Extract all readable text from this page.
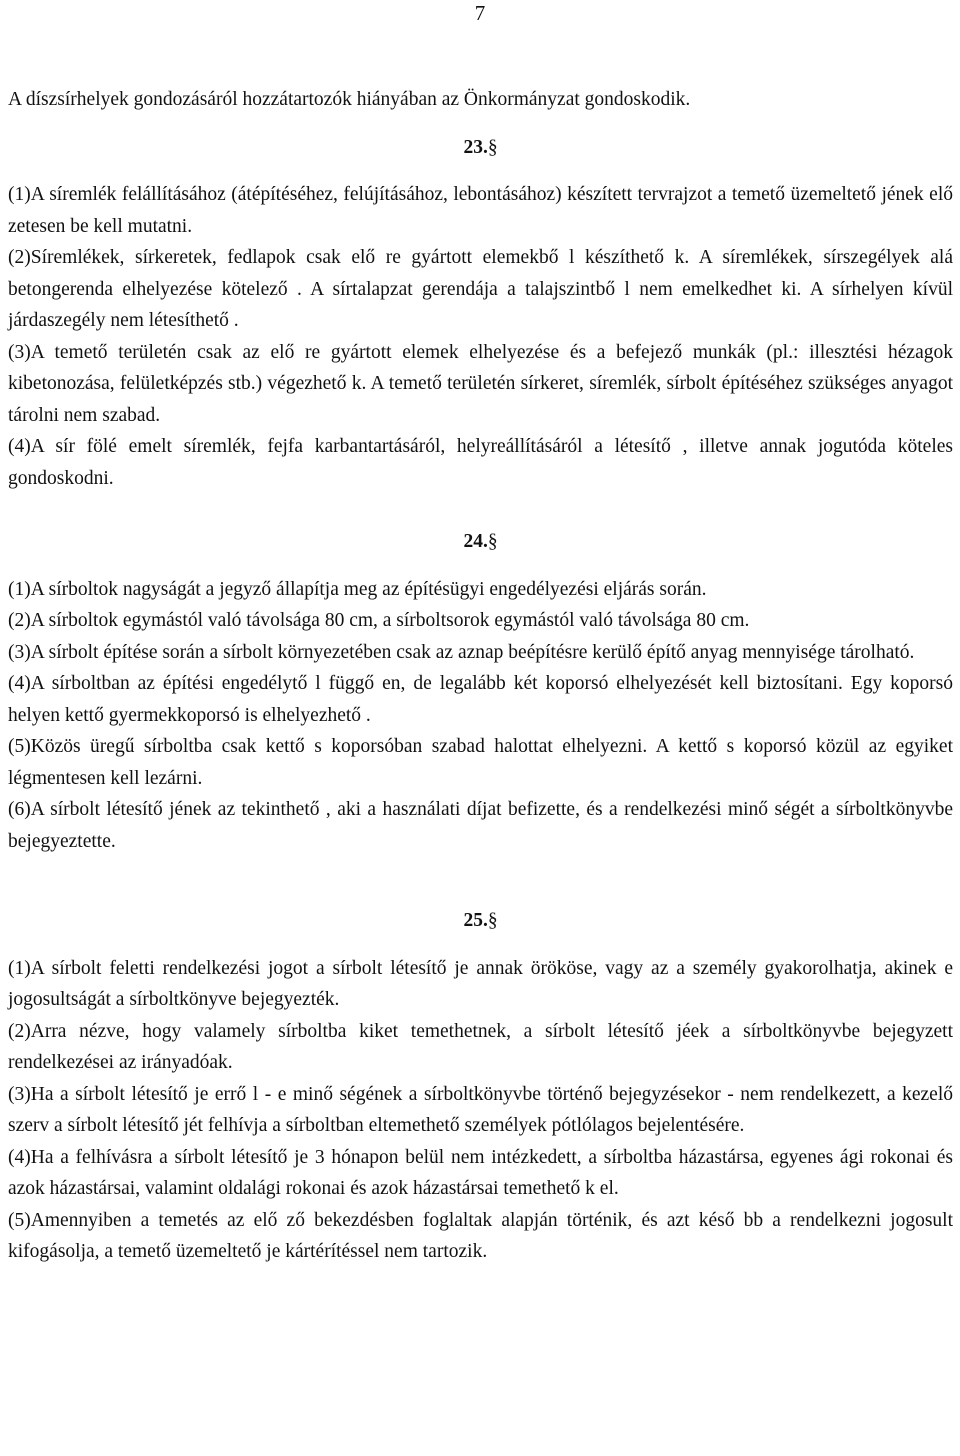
7

A díszsírhelyek gondozásáról hozzátartozók hiányában az Önkormányzat gondoskodik.

23.§

(1)A síremlék felállításához (átépítéséhez, felújításához, lebontásához) készített tervrajzot a temető üzemeltető jének elő zetesen be kell mutatni.

(2)Síremlékek, sírkeretek, fedlapok csak elő re gyártott elemekbő l készíthető k. A síremlékek, sírszegélyek alá betongerenda elhelyezése kötelező . A sírtalapzat gerendája a talajszintbő l nem emelkedhet ki. A sírhelyen kívül járdaszegély nem létesíthető .

(3)A temető területén csak az elő re gyártott elemek elhelyezése és a befejező munkák (pl.: illesztési hézagok kibetonozása, felületképzés stb.) végezhető k. A temető területén sírkeret, síremlék, sírbolt építéséhez szükséges anyagot tárolni nem szabad.

(4)A sír fölé emelt síremlék, fejfa karbantartásáról, helyreállításáról a létesítő , illetve annak jogutóda köteles gondoskodni.

24.§

(1)A sírboltok nagyságát a jegyző állapítja meg az építésügyi engedélyezési eljárás során.

(2)A sírboltok egymástól való távolsága 80 cm, a sírboltsorok egymástól való távolsága 80 cm.

(3)A sírbolt építése során a sírbolt környezetében csak az aznap beépítésre kerülő építő anyag mennyisége tárolható.

(4)A sírboltban az építési engedélytő l függő en, de legalább két koporsó elhelyezését kell biztosítani. Egy koporsó helyen kettő gyermekkoporsó is elhelyezhető .

(5)Közös üregű sírboltba csak kettő s koporsóban szabad halottat elhelyezni. A kettő s koporsó közül az egyiket légmentesen kell lezárni.

(6)A sírbolt létesítő jének az tekinthető , aki a használati díjat befizette, és a rendelkezési minő ségét a sírboltkönyvbe bejegyeztette.

25.§

(1)A sírbolt feletti rendelkezési jogot a sírbolt létesítő je annak örököse, vagy az a személy gyakorolhatja, akinek e jogosultságát a sírboltkönyve bejegyezték.

(2)Arra nézve, hogy valamely sírboltba kiket temethetnek, a sírbolt létesítő jéek a sírboltkönyvbe bejegyzett rendelkezései az irányadóak.

(3)Ha a sírbolt létesítő je errő l - e minő ségének a sírboltkönyvbe történő bejegyzésekor - nem rendelkezett, a kezelő szerv a sírbolt létesítő jét felhívja a sírboltban eltemethető személyek pótlólagos bejelentésére.

(4)Ha a felhívásra a sírbolt létesítő je 3 hónapon belül nem intézkedett, a sírboltba házastársa, egyenes ági rokonai és azok házastársai, valamint oldalági rokonai és azok házastársai temethető k el.

(5)Amennyiben a temetés az elő ző bekezdésben foglaltak alapján történik, és azt késő bb a rendelkezni jogosult kifogásolja, a temető üzemeltető je kártérítéssel nem tartozik.
